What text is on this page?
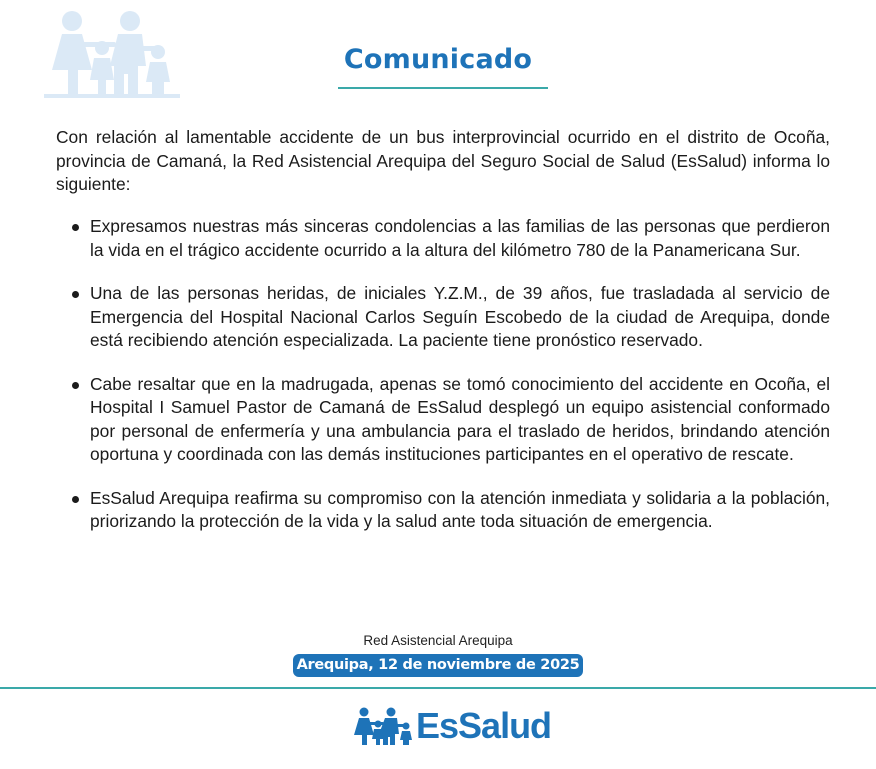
Comunicado

Con relación al lamentable accidente de un bus interprovincial ocurrido en el distrito de Ocoña, provincia de Camaná, la Red Asistencial Arequipa del Seguro Social de Salud (EsSalud) informa lo siguiente:

Expresamos nuestras más sinceras condolencias a las familias de las personas que perdieron la vida en el trágico accidente ocurrido a la altura del kilómetro 780 de la Panamericana Sur.
Una de las personas heridas, de iniciales Y.Z.M., de 39 años, fue trasladada al servicio de Emergencia del Hospital Nacional Carlos Seguín Escobedo de la ciudad de Arequipa, donde está recibiendo atención especializada. La paciente tiene pronóstico reservado.
Cabe resaltar que en la madrugada, apenas se tomó conocimiento del accidente en Ocoña, el Hospital I Samuel Pastor de Camaná de EsSalud desplegó un equipo asistencial conformado por personal de enfermería y una ambulancia para el traslado de heridos, brindando atención oportuna y coordinada con las demás instituciones participantes en el operativo de rescate.
EsSalud Arequipa reafirma su compromiso con la atención inmediata y solidaria a la población, priorizando la protección de la vida y la salud ante toda situación de emergencia.
Red Asistencial Arequipa
Arequipa, 12 de noviembre de 2025
EsSalud
